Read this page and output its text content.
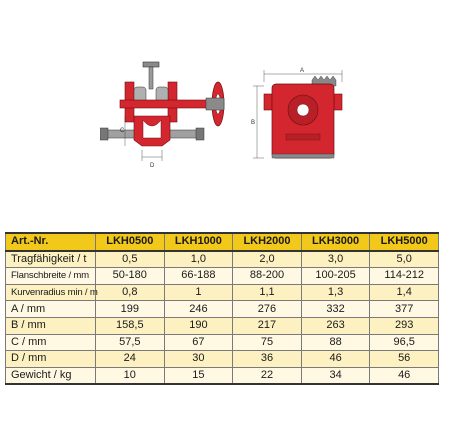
C
D
A
B
Art.-Nr.	LKH0500	LKH1000	LKH2000	LKH3000	LKH5000
Tragfähigkeit / t	0,5	1,0	2,0	3,0	5,0
Flanschbreite / mm	50-180	66-188	88-200	100-205	114-212
Kurvenradius min / m	0,8	1	1,1	1,3	1,4
A / mm	199	246	276	332	377
B / mm	158,5	190	217	263	293
C / mm	57,5	67	75	88	96,5
D / mm	24	30	36	46	56
Gewicht / kg	10	15	22	34	46
